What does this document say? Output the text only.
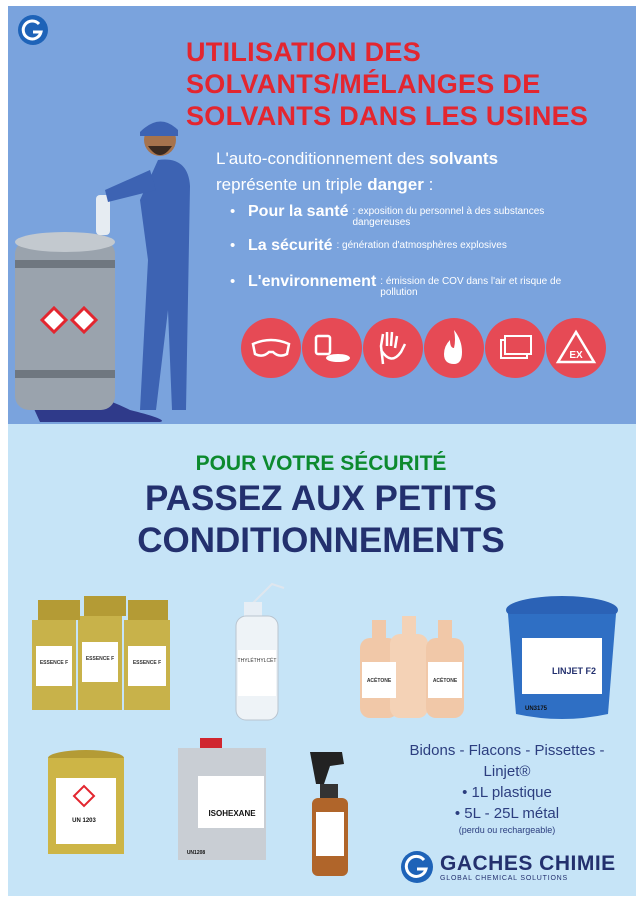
UTILISATION DES
SOLVANTS/MÉLANGES DE
SOLVANTS DANS LES USINES

L'auto-conditionnement des solvants
représente un triple danger :

• Pour la santé : exposition du personnel à des substances dangereuses
• La sécurité : génération d'atmosphères explosives
• L'environnement : émission de COV dans l'air et risque de pollution
EX

POUR VOTRE SÉCURITÉ

PASSEZ AUX PETITS
CONDITIONNEMENTS
ESSENCE F
ESSENCE F
ESSENCE F	THYLÉTHYLCÉT
ACÉTONE	ACÉTONE
LINJET F2
UN3175
UN 1203
ISOHEXANE
UN1208

Bidons - Flacons - Pissettes -

Linjet®

• 1L plastique

• 5L - 25L métal

(perdu ou rechargeable)

GACHES CHIMIE
GLOBAL CHEMICAL SOLUTIONS
